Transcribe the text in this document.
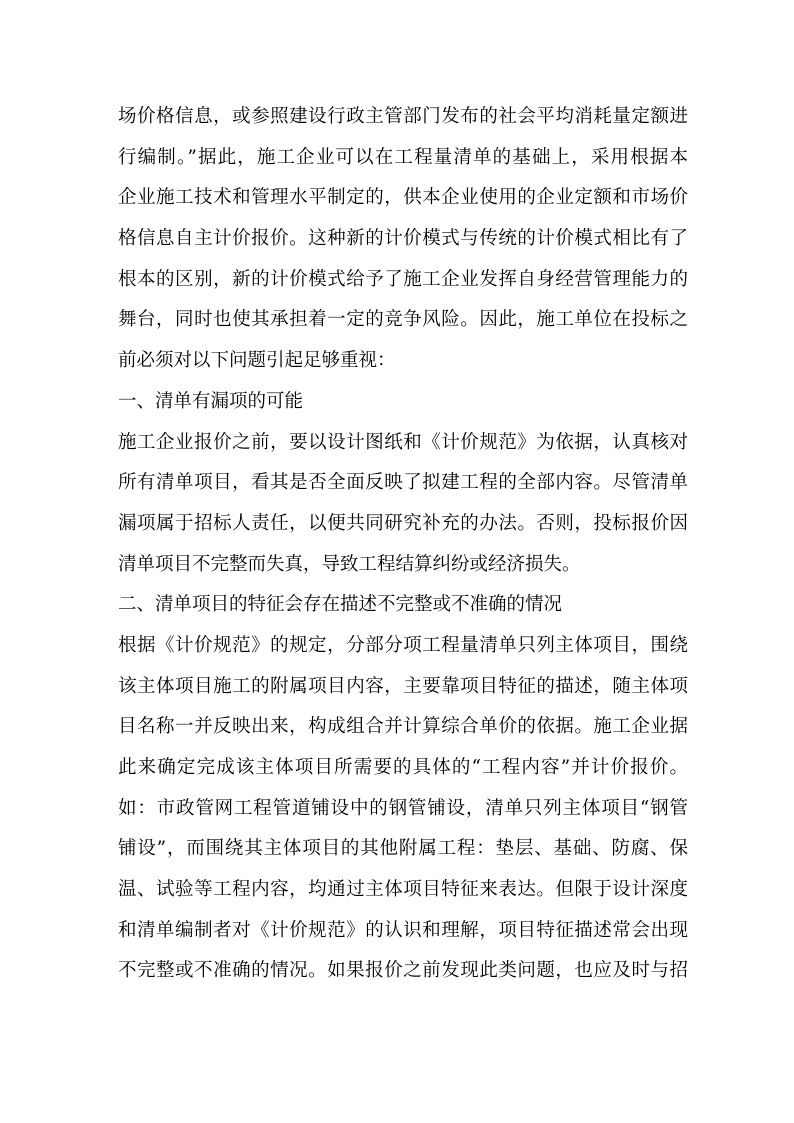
场价格信息，或参照建设行政主管部门发布的社会平均消耗量定额进
行编制。”据此，施工企业可以在工程量清单的基础上，采用根据本
企业施工技术和管理水平制定的，供本企业使用的企业定额和市场价
格信息自主计价报价。这种新的计价模式与传统的计价模式相比有了
根本的区别，新的计价模式给予了施工企业发挥自身经营管理能力的
舞台，同时也使其承担着一定的竞争风险。因此，施工单位在投标之
前必须对以下问题引起足够重视：
一、清单有漏项的可能
施工企业报价之前，要以设计图纸和《计价规范》为依据，认真核对
所有清单项目，看其是否全面反映了拟建工程的全部内容。尽管清单
漏项属于招标人责任，以便共同研究补充的办法。否则，投标报价因
清单项目不完整而失真，导致工程结算纠纷或经济损失。
二、清单项目的特征会存在描述不完整或不准确的情况
根据《计价规范》的规定，分部分项工程量清单只列主体项目，围绕
该主体项目施工的附属项目内容，主要靠项目特征的描述，随主体项
目名称一并反映出来，构成组合并计算综合单价的依据。施工企业据
此来确定完成该主体项目所需要的具体的“工程内容”并计价报价。
如：市政管网工程管道铺设中的钢管铺设，清单只列主体项目“钢管
铺设”，而围绕其主体项目的其他附属工程：垫层、基础、防腐、保
温、试验等工程内容，均通过主体项目特征来表达。但限于设计深度
和清单编制者对《计价规范》的认识和理解，项目特征描述常会出现
不完整或不准确的情况。如果报价之前发现此类问题，也应及时与招
